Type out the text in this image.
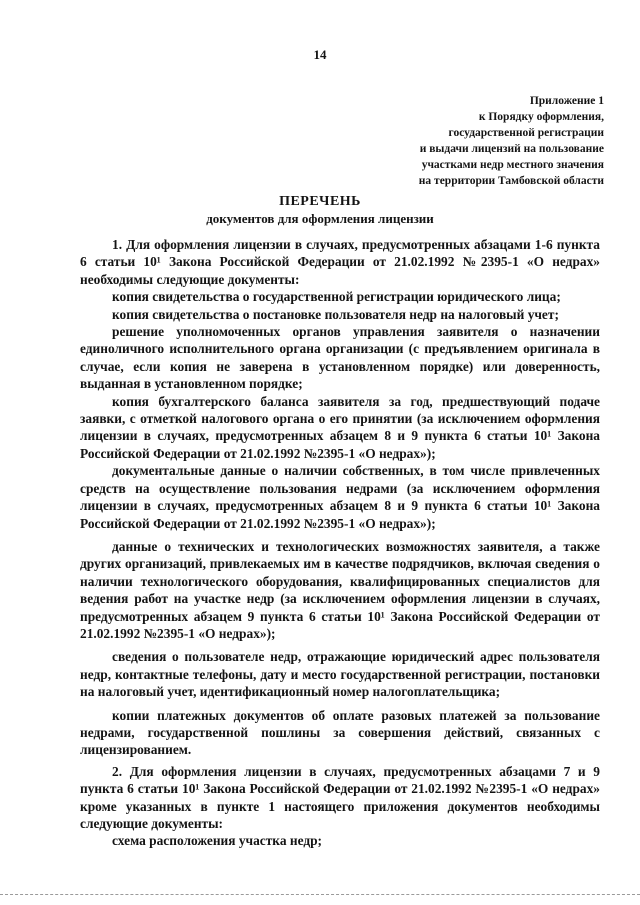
14
Приложение 1
к Порядку оформления,
государственной регистрации
и выдачи лицензий на пользование
участками недр местного значения
на территории Тамбовской области
ПЕРЕЧЕНЬ
документов для оформления лицензии

1. Для оформления лицензии в случаях, предусмотренных абзацами 1-6 пункта 6 статьи 10¹ Закона Российской Федерации от 21.02.1992 №2395-1 «О недрах» необходимы следующие документы:

копия свидетельства о государственной регистрации юридического лица;

копия свидетельства о постановке пользователя недр на налоговый учет;

решение уполномоченных органов управления заявителя о назначении единоличного исполнительного органа организации (с предъявлением оригинала в случае, если копия не заверена в установленном порядке) или доверенность, выданная в установленном порядке;

копия бухгалтерского баланса заявителя за год, предшествующий подаче заявки, с отметкой налогового органа о его принятии (за исключением оформления лицензии в случаях, предусмотренных абзацем 8 и 9 пункта 6 статьи 10¹ Закона Российской Федерации от 21.02.1992 №2395-1 «О недрах»);

документальные данные о наличии собственных, в том числе привлеченных средств на осуществление пользования недрами (за исключением оформления лицензии в случаях, предусмотренных абзацем 8 и 9 пункта 6 статьи 10¹ Закона Российской Федерации от 21.02.1992 №2395-1 «О недрах»);

данные о технических и технологических возможностях заявителя, а также других организаций, привлекаемых им в качестве подрядчиков, включая сведения о наличии технологического оборудования, квалифицированных специалистов для ведения работ на участке недр (за исключением оформления лицензии в случаях, предусмотренных абзацем 9 пункта 6 статьи 10¹ Закона Российской Федерации от 21.02.1992 №2395-1 «О недрах»);

сведения о пользователе недр, отражающие юридический адрес пользователя недр, контактные телефоны, дату и место государственной регистрации, постановки на налоговый учет, идентификационный номер налогоплательщика;

копии платежных документов об оплате разовых платежей за пользование недрами, государственной пошлины за совершения действий, связанных с лицензированием.

2. Для оформления лицензии в случаях, предусмотренных абзацами 7 и 9 пункта 6 статьи 10¹ Закона Российской Федерации от 21.02.1992 №2395-1 «О недрах» кроме указанных в пункте 1 настоящего приложения документов необходимы следующие документы:

схема расположения участка недр;
